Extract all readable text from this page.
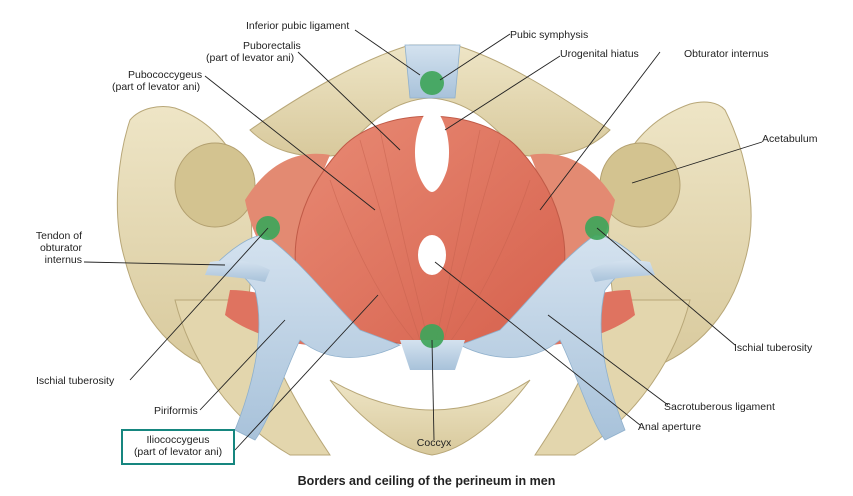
Inferior pubic ligament
Pubic symphysis
Puborectalis
(part of levator ani)	Urogenital hiatus	Obturator internus
Pubococcygeus
(part of levator ani)
Acetabulum
Tendon of
obturator
internus
Ischial tuberosity
Ischial tuberosity
Sacrotuberous ligament
Piriformis
Anal aperture
Iliococcygeus
(part of levator ani)
Coccyx
Borders and ceiling of the perineum in men
